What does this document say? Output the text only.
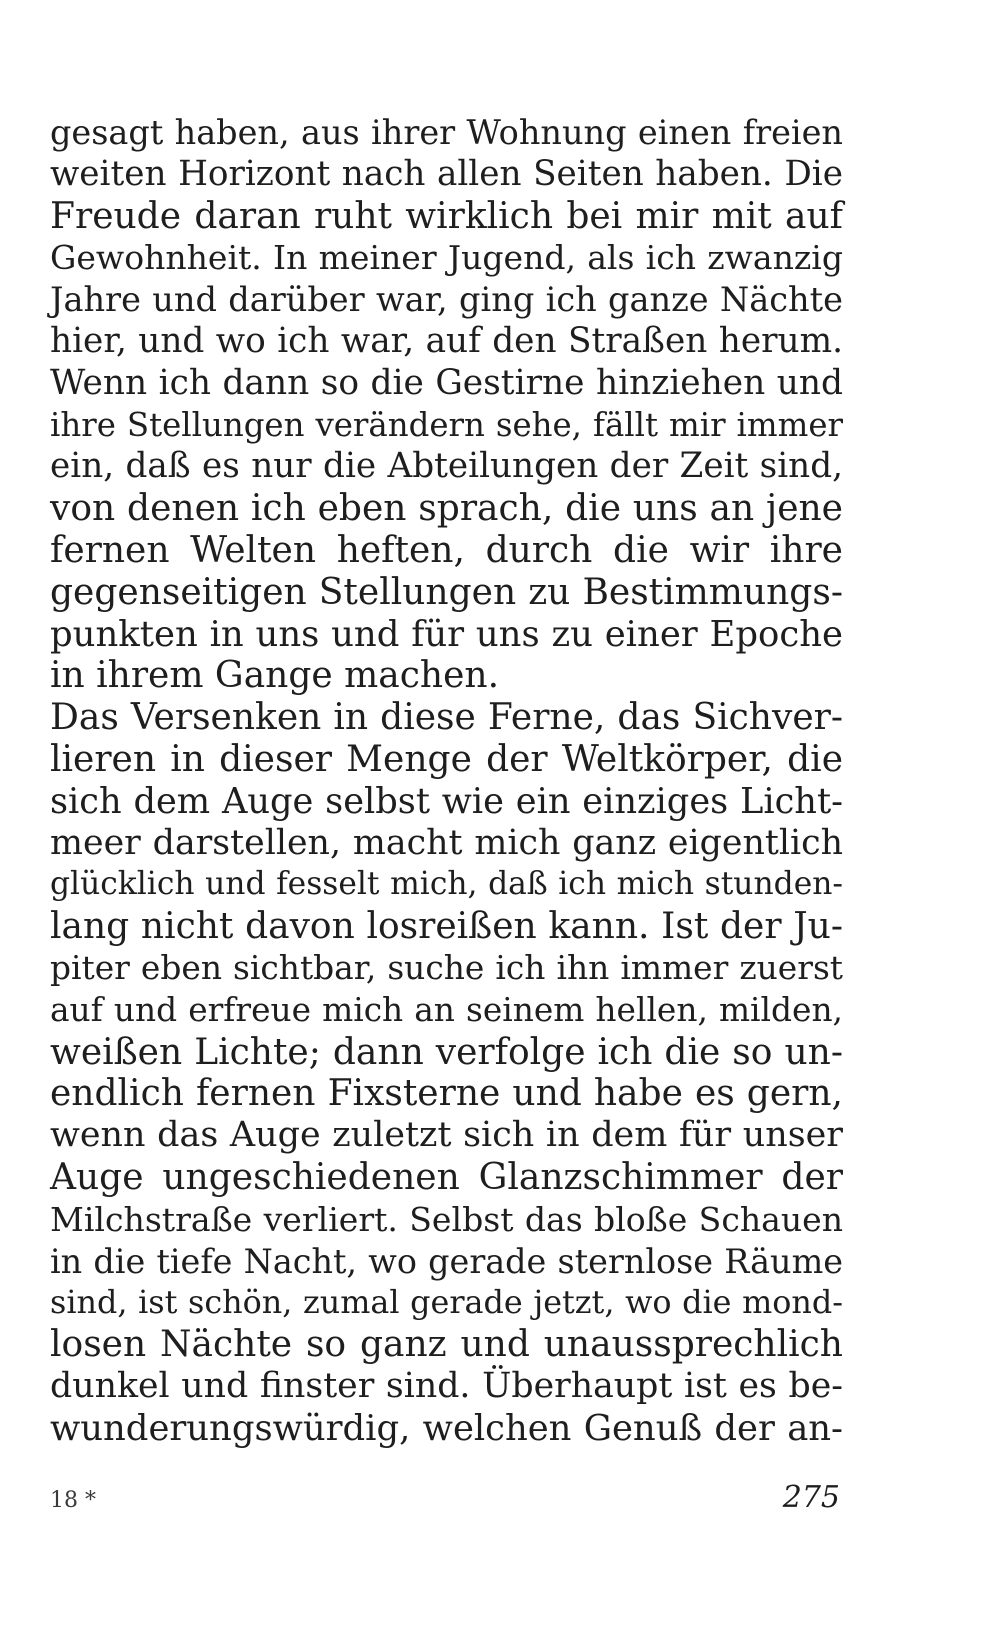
gesagt haben, aus ihrer Wohnung einen freien
weiten Horizont nach allen Seiten haben. Die
Freude daran ruht wirklich bei mir mit auf
Gewohnheit. In meiner Jugend, als ich zwanzig
Jahre und darüber war, ging ich ganze Nächte
hier, und wo ich war, auf den Straßen herum.
Wenn ich dann so die Gestirne hinziehen und
ihre Stellungen verändern sehe, fällt mir immer
ein, daß es nur die Abteilungen der Zeit sind,
von denen ich eben sprach, die uns an jene
fernen Welten heften, durch die wir ihre
gegenseitigen Stellungen zu Bestimmungs-
punkten in uns und für uns zu einer Epoche
in ihrem Gange machen.
Das Versenken in diese Ferne, das Sichver-
lieren in dieser Menge der Weltkörper, die
sich dem Auge selbst wie ein einziges Licht-
meer darstellen, macht mich ganz eigentlich
glücklich und fesselt mich, daß ich mich stunden-
lang nicht davon losreißen kann. Ist der Ju-
piter eben sichtbar, suche ich ihn immer zuerst
auf und erfreue mich an seinem hellen, milden,
weißen Lichte; dann verfolge ich die so un-
endlich fernen Fixsterne und habe es gern,
wenn das Auge zuletzt sich in dem für unser
Auge ungeschiedenen Glanzschimmer der
Milchstraße verliert. Selbst das bloße Schauen
in die tiefe Nacht, wo gerade sternlose Räume
sind, ist schön, zumal gerade jetzt, wo die mond-
losen Nächte so ganz und unaussprechlich
dunkel und finster sind. Überhaupt ist es be-
wunderungswürdig, welchen Genuß der an-
18 *	275
